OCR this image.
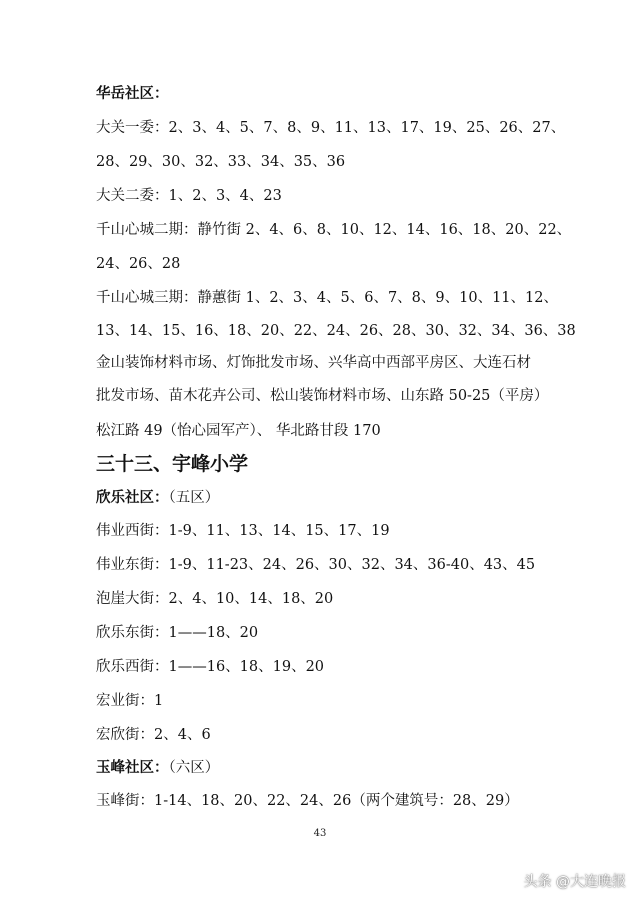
华岳社区：
大关一委：2、3、4、5、7、8、9、11、13、17、19、25、26、27、
28、29、30、32、33、34、35、36
大关二委：1、2、3、4、23
千山心城二期：静竹街 2、4、6、8、10、12、14、16、18、20、22、
24、26、28
千山心城三期：静蕙街 1、2、3、4、5、6、7、8、9、10、11、12、
13、14、15、16、18、20、22、24、26、28、30、32、34、36、38
金山装饰材料市场、灯饰批发市场、兴华高中西部平房区、大连石材
批发市场、苗木花卉公司、松山装饰材料市场、山东路 50-25（平房）
松江路 49（怡心园军产）、 华北路甘段 170
三十三、宇峰小学
欣乐社区：（五区）
伟业西街：1-9、11、13、14、15、17、19
伟业东街：1-9、11-23、24、26、30、32、34、36-40、43、45
泡崖大街：2、4、10、14、18、20
欣乐东街：1——18、20
欣乐西街：1——16、18、19、20
宏业街：1
宏欣街：2、4、6
玉峰社区：（六区）
玉峰街：1-14、18、20、22、24、26（两个建筑号：28、29）
43
头条 @大连晚报
